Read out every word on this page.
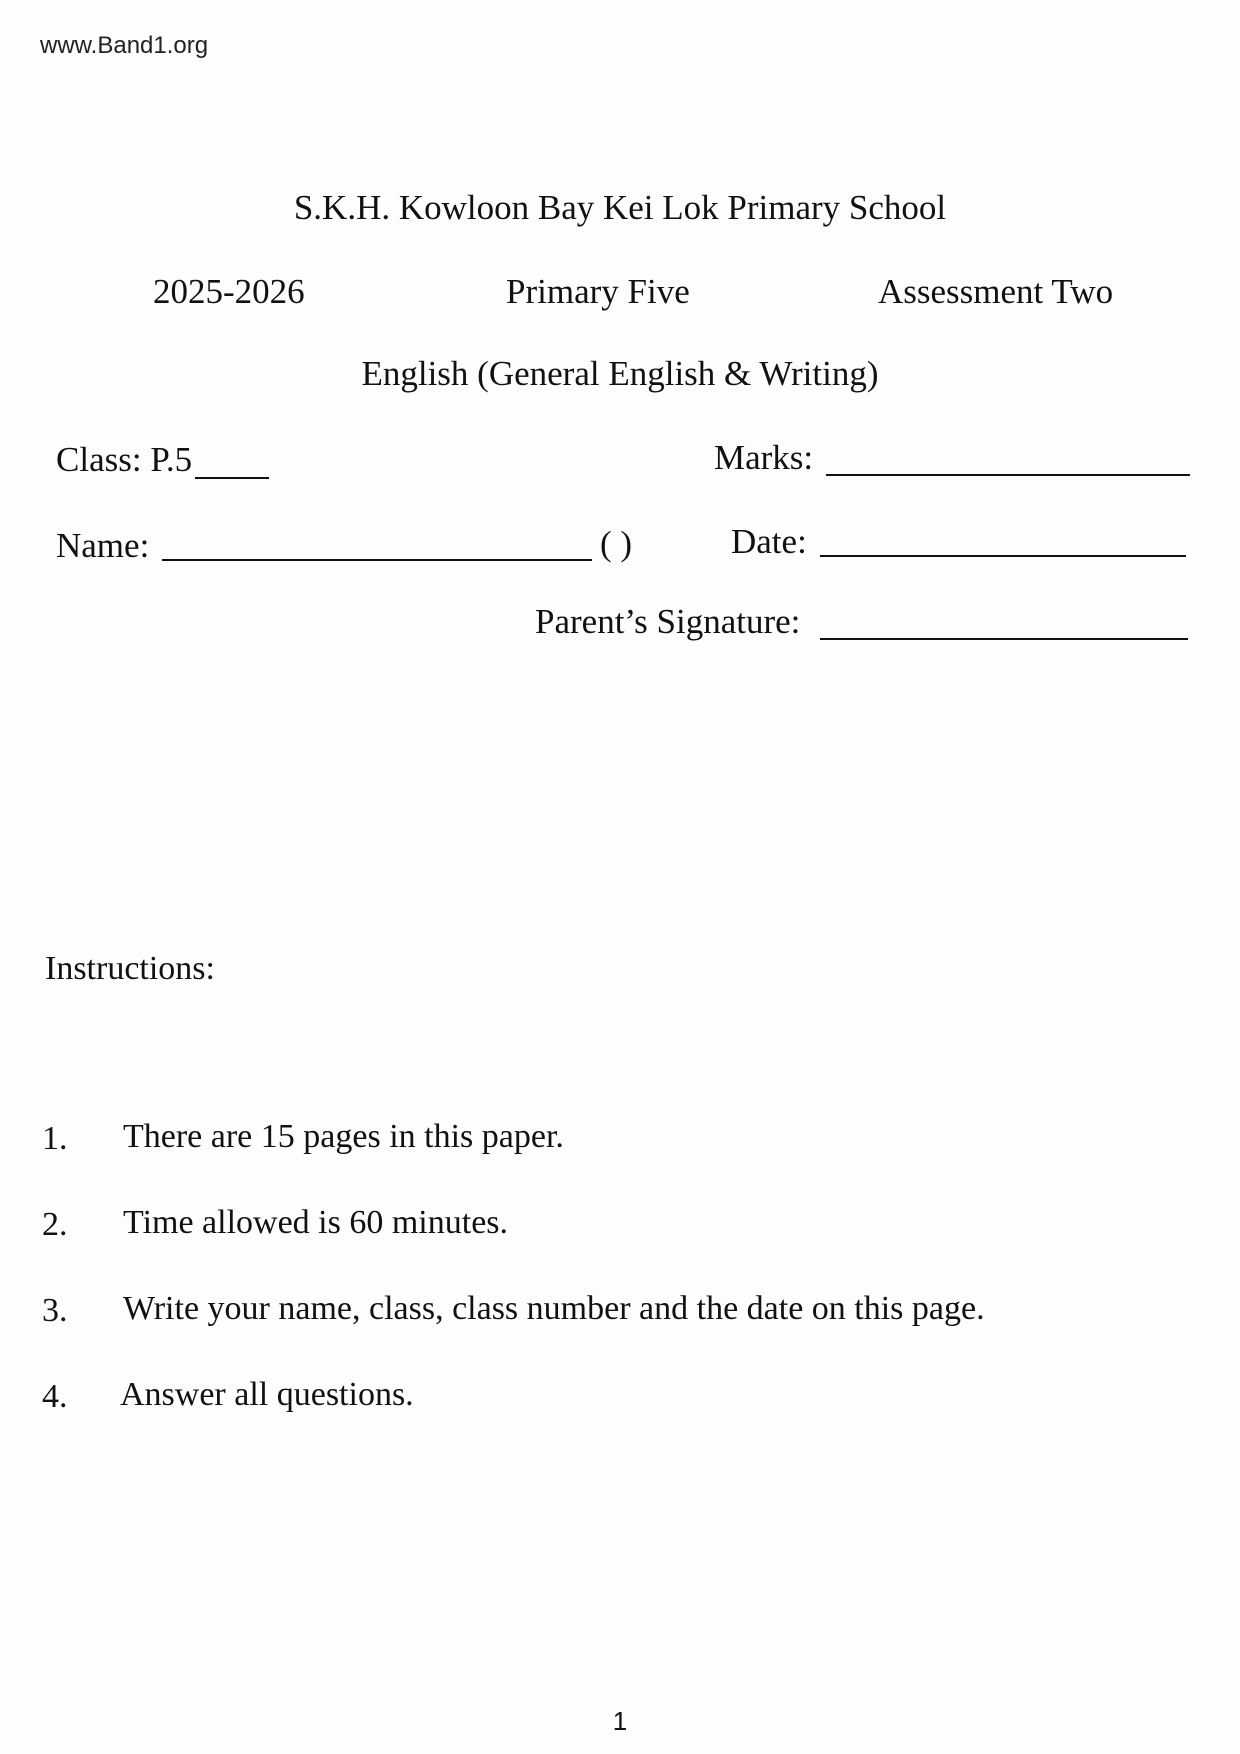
www.Band1.org
S.K.H. Kowloon Bay Kei Lok Primary School
2025-2026	Primary Five	Assessment Two
English (General English & Writing)
Class: P.5	Marks:
Name:	( )	Date:
Parent’s Signature:
Instructions:
1. There are 15 pages in this paper.
2. Time allowed is 60 minutes.
3. Write your name, class, class number and the date on this page.
4. Answer all questions.
1
